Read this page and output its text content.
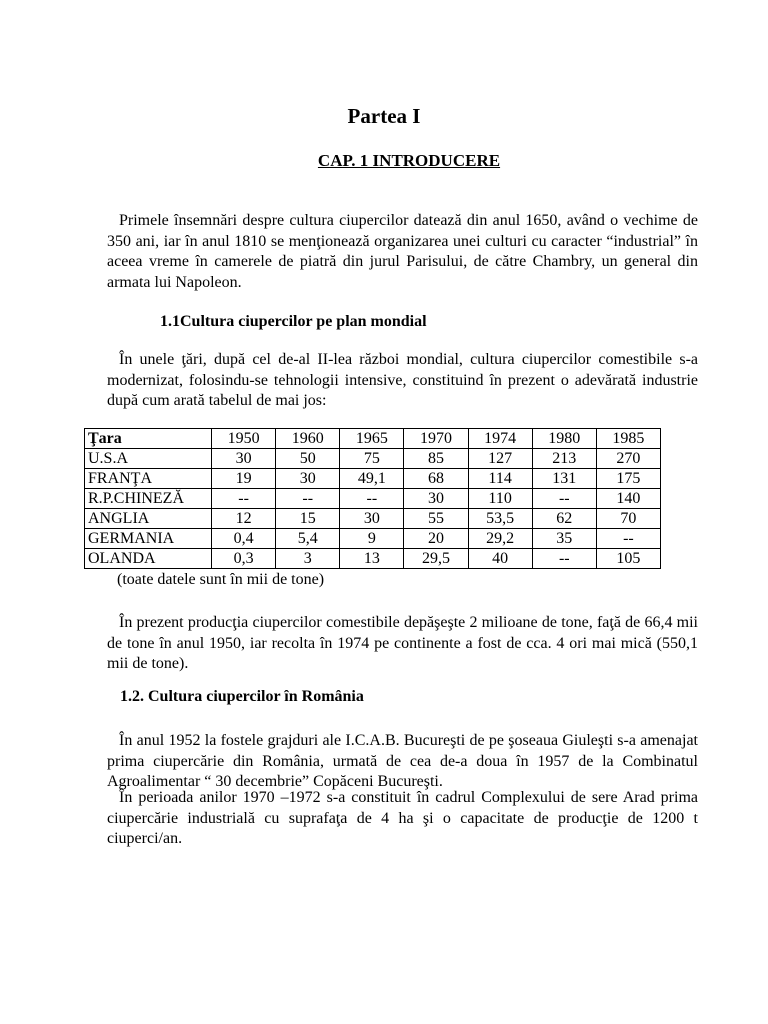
Partea I
CAP. 1 INTRODUCERE

Primele însemnări despre cultura ciupercilor datează din anul 1650, având o vechime de 350 ani, iar în anul 1810 se menţionează organizarea unei culturi cu caracter “industrial” în aceea vreme în camerele de piatră din jurul Parisului, de către Chambry, un general din armata lui Napoleon.

1.1Cultura ciupercilor pe plan mondial

În unele ţări, după cel de-al II-lea război mondial, cultura ciupercilor comestibile s-a modernizat, folosindu-se tehnologii intensive, constituind în prezent o adevărată industrie după cum arată tabelul de mai jos:

Ţara	1950	1960	1965	1970	1974	1980	1985
U.S.A	30	50	75	85	127	213	270
FRANŢA	19	30	49,1	68	114	131	175
R.P.CHINEZĂ	--	--	--	30	110	--	140
ANGLIA	12	15	30	55	53,5	62	70
GERMANIA	0,4	5,4	9	20	29,2	35	--
OLANDA	0,3	3	13	29,5	40	--	105

(toate datele sunt în mii de tone)

În prezent producţia ciupercilor comestibile depăşeşte 2 milioane de tone, faţă de 66,4 mii de tone în anul 1950, iar recolta în 1974 pe continente a fost de cca. 4 ori mai mică (550,1 mii de tone).

1.2. Cultura ciupercilor în România

În anul 1952 la fostele grajduri ale I.C.A.B. Bucureşti de pe şoseaua Giuleşti s-a amenajat prima ciupercărie din România, urmată de cea de-a doua în 1957 de la Combinatul Agroalimentar “ 30 decembrie” Copăceni Bucureşti.

În perioada anilor 1970 –1972 s-a constituit în cadrul Complexului de sere Arad prima ciupercărie industrială cu suprafaţa de 4 ha şi o capacitate de producţie de 1200 t ciuperci/an.
